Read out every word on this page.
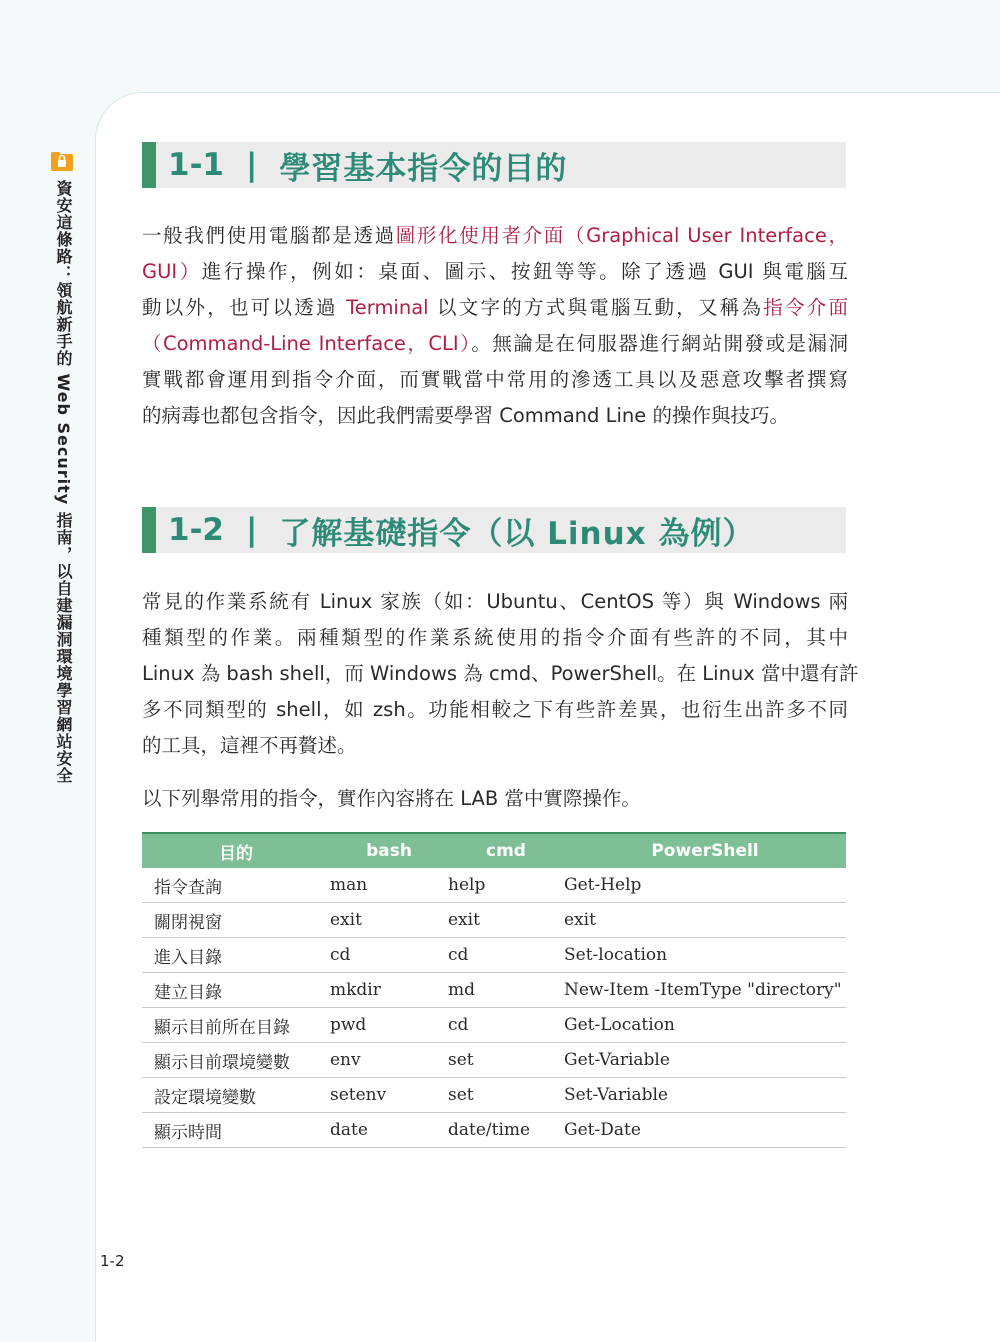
資安這條路：領航新手的 Web Security 指南，以自建漏洞環境學習網站安全
1-1 | 學習基本指令的目的
一般我們使用電腦都是透過圖形化使用者介面（Graphical User Interface，
GUI）進行操作，例如：桌面、圖示、按鈕等等。除了透過 GUI 與電腦互
動以外，也可以透過 Terminal 以文字的方式與電腦互動，又稱為指令介面
（Command-Line Interface，CLI）。無論是在伺服器進行網站開發或是漏洞
實戰都會運用到指令介面，而實戰當中常用的滲透工具以及惡意攻擊者撰寫
的病毒也都包含指令，因此我們需要學習 Command Line 的操作與技巧。
1-2 | 了解基礎指令（以 Linux 為例）
常見的作業系統有 Linux 家族（如：Ubuntu、CentOS 等）與 Windows 兩
種類型的作業。兩種類型的作業系統使用的指令介面有些許的不同，其中
Linux 為 bash shell，而 Windows 為 cmd、PowerShell。在 Linux 當中還有許
多不同類型的 shell，如 zsh。功能相較之下有些許差異，也衍生出許多不同
的工具，這裡不再贅述。
以下列舉常用的指令，實作內容將在 LAB 當中實際操作。
目的	bash	cmd	PowerShell
指令查詢	man	help	Get-Help
關閉視窗	exit	exit	exit
進入目錄	cd	cd	Set-location
建立目錄	mkdir	md	New-Item -ItemType "directory"
顯示目前所在目錄	pwd	cd	Get-Location
顯示目前環境變數	env	set	Get-Variable
設定環境變數	setenv	set	Set-Variable
顯示時間	date	date/time	Get-Date
1-2
